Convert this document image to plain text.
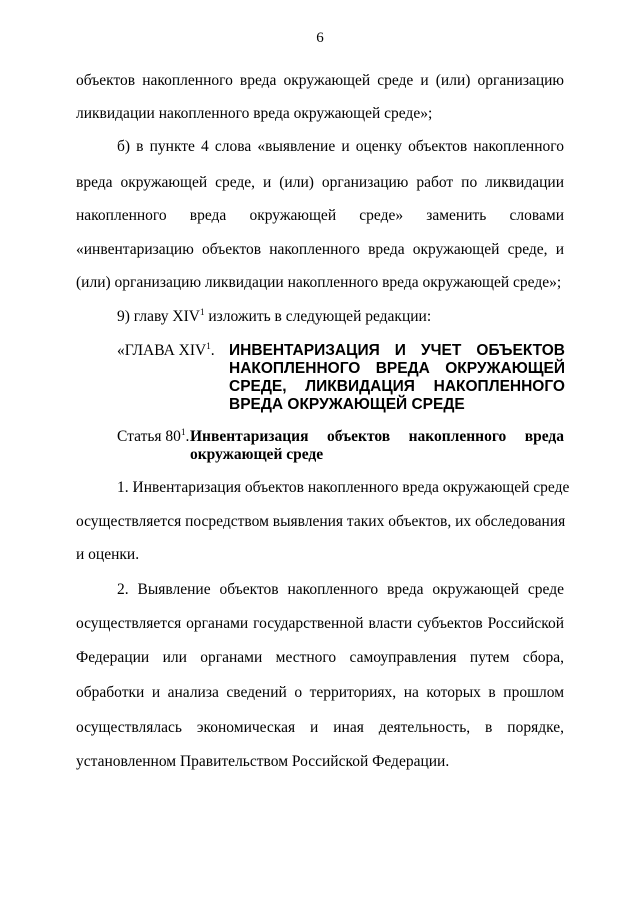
6
объектов накопленного вреда окружающей среде и (или) организацию
ликвидации накопленного вреда окружающей среде»;
б) в пункте 4 слова «выявление и оценку объектов накопленного
вреда окружающей среде, и (или) организацию работ по ликвидации
накопленного вреда окружающей среде» заменить словами
«инвентаризацию объектов накопленного вреда окружающей среде, и
(или) организацию ликвидации накопленного вреда окружающей среде»;
9) главу XIV$^1$ изложить в следующей редакции:
«ГЛАВА XIV$^1$. ИНВЕНТАРИЗАЦИЯ И УЧЕТ ОБЪЕКТОВ
НАКОПЛЕННОГО ВРЕДА ОКРУЖАЮЩЕЙ
СРЕДЕ, ЛИКВИДАЦИЯ НАКОПЛЕННОГО
ВРЕДА ОКРУЖАЮЩЕЙ СРЕДЕ
Статья $80^1$. Инвентаризация объектов накопленного вреда
окружающей среде
1. Инвентаризация объектов накопленного вреда окружающей среде
осуществляется посредством выявления таких объектов, их обследования
и оценки.
2. Выявление объектов накопленного вреда окружающей среде
осуществляется органами государственной власти субъектов Российской
Федерации или органами местного самоуправления путем сбора,
обработки и анализа сведений о территориях, на которых в прошлом
осуществлялась экономическая и иная деятельность, в порядке,
установленном Правительством Российской Федерации.
